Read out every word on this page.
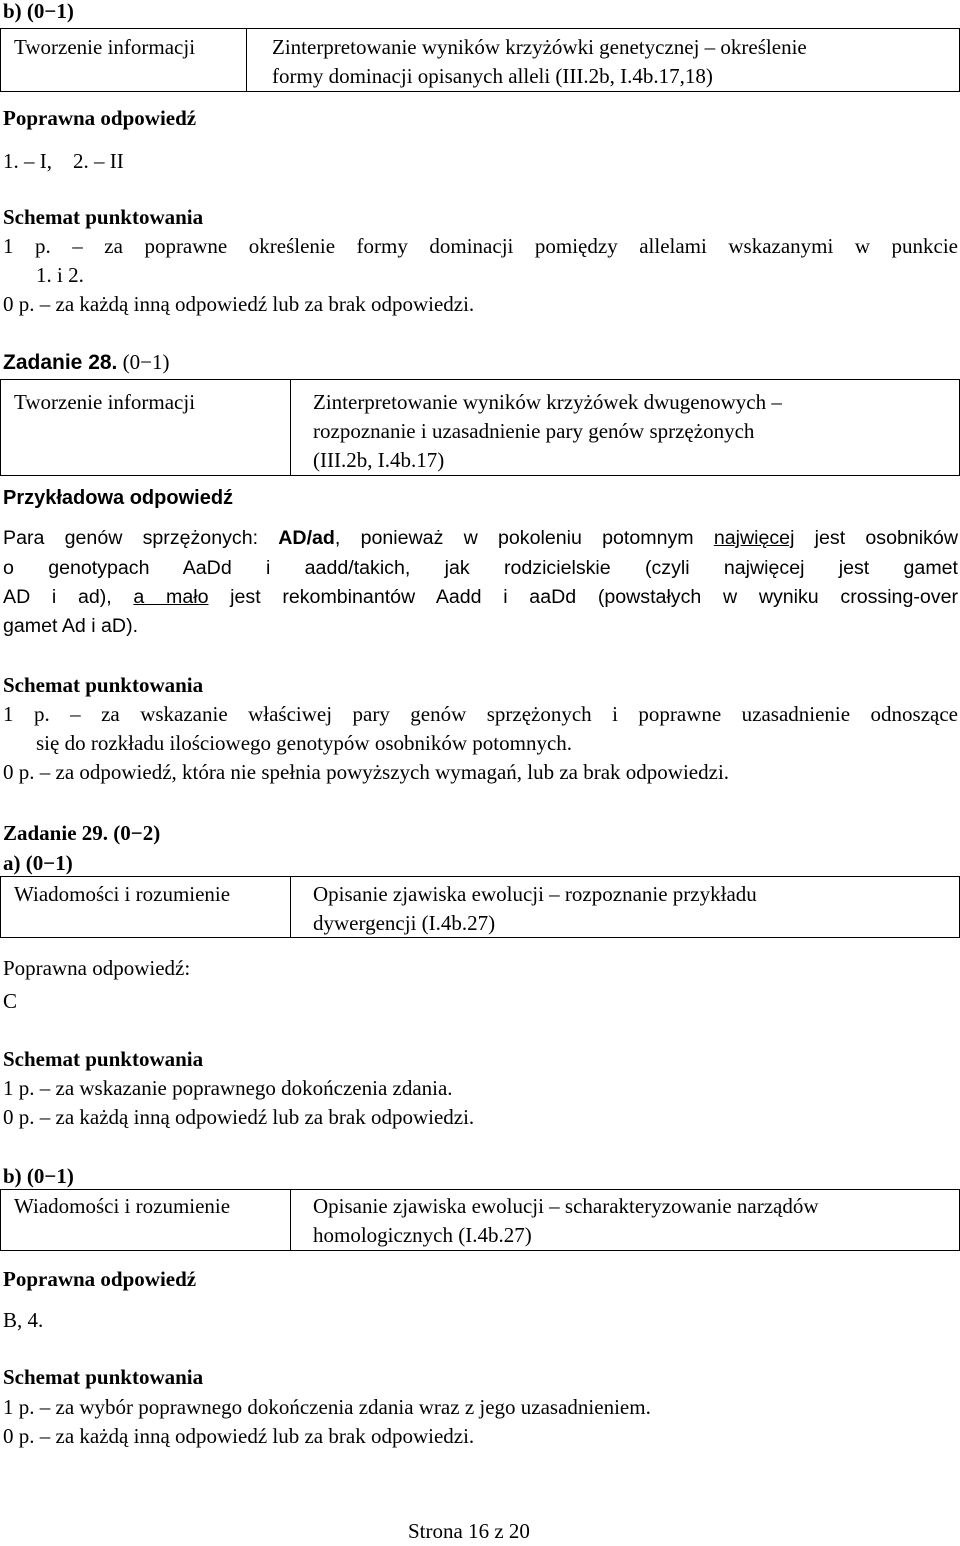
b) (0−1)
Tworzenie informacji	Zinterpretowanie wyników krzyżówki genetycznej – określenie
formy dominacji opisanych alleli (III.2b, I.4b.17,18)
Poprawna odpowiedź
1. – I,    2. – II
Schemat punktowania
1 p. – za poprawne określenie formy dominacji pomiędzy allelami wskazanymi w punkcie
1. i 2.
0 p. – za każdą inną odpowiedź lub za brak odpowiedzi.
Zadanie 28. (0−1)
Tworzenie informacji	Zinterpretowanie wyników krzyżówek dwugenowych –
rozpoznanie i uzasadnienie pary genów sprzężonych
(III.2b, I.4b.17)
Przykładowa odpowiedź
Para genów sprzężonych: AD/ad, ponieważ w pokoleniu potomnym najwięcej jest osobników
o genotypach AaDd i aadd/takich, jak rodzicielskie (czyli najwięcej jest gamet
AD i ad), a mało jest rekombinantów Aadd i aaDd (powstałych w wyniku crossing-over
gamet Ad i aD).
Schemat punktowania
1 p. – za wskazanie właściwej pary genów sprzężonych i poprawne uzasadnienie odnoszące
się do rozkładu ilościowego genotypów osobników potomnych.
0 p. – za odpowiedź, która nie spełnia powyższych wymagań, lub za brak odpowiedzi.
Zadanie 29. (0−2)
a) (0−1)
Wiadomości i rozumienie	Opisanie zjawiska ewolucji – rozpoznanie przykładu
dywergencji (I.4b.27)
Poprawna odpowiedź:
C
Schemat punktowania
1 p. – za wskazanie poprawnego dokończenia zdania.
0 p. – za każdą inną odpowiedź lub za brak odpowiedzi.
b) (0−1)
Wiadomości i rozumienie	Opisanie zjawiska ewolucji – scharakteryzowanie narządów
homologicznych (I.4b.27)
Poprawna odpowiedź
B, 4.
Schemat punktowania
1 p. – za wybór poprawnego dokończenia zdania wraz z jego uzasadnieniem.
0 p. – za każdą inną odpowiedź lub za brak odpowiedzi.
Strona 16 z 20
